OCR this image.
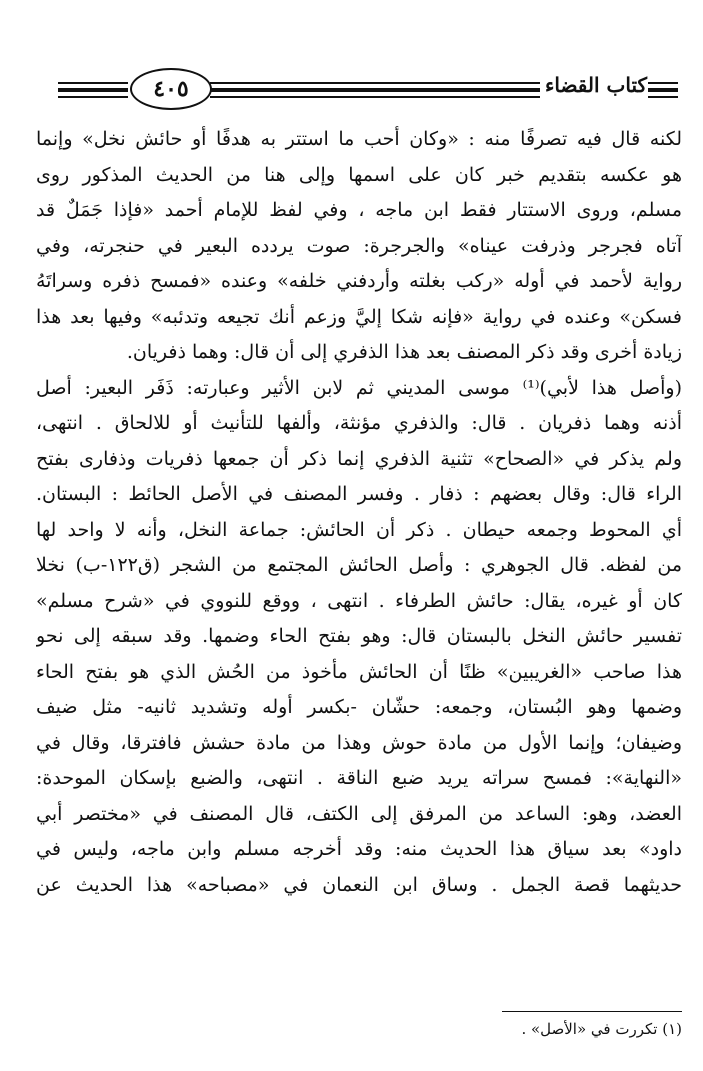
٤٠٥	كتاب القضاء
لكنه قال فيه تصرفًا منه : «وكان أحب ما استتر به هدفًا أو حائش نخل» وإنما
هو عكسه بتقديم خبر كان على اسمها وإلى هنا من الحديث المذكور روى
مسلم، وروى الاستتار فقط ابن ماجه ، وفي لفظ للإمام أحمد «فإذا جَمَلٌ قد
آتاه فجرجر وذرفت عيناه» والجرجرة: صوت يردده البعير في حنجرته، وفي
رواية لأحمد في أوله «ركب بغلته وأردفني خلفه» وعنده «فمسح ذفره وسراتَهُ
فسكن» وعنده في رواية «فإنه شكا إليَّ وزعم أنك تجيعه وتدئبه» وفيها بعد هذا
زيادة أخرى وقد ذكر المصنف بعد هذا الذفري إلى أن قال: وهما ذفريان.
(وأصل هذا لأبي)⁽¹⁾ موسى المديني ثم لابن الأثير وعبارته: ذَفَر البعير: أصل
أذنه وهما ذفريان . قال: والذفري مؤنثة، وألفها للتأنيث أو للالحاق . انتهى،
ولم يذكر في «الصحاح» تثنية الذفري إنما ذكر أن جمعها ذفريات وذفارى بفتح
الراء قال: وقال بعضهم : ذفار . وفسر المصنف في الأصل الحائط : البستان.
أي المحوط وجمعه حيطان . ذكر أن الحائش: جماعة النخل، وأنه لا واحد لها
من لفظه. قال الجوهري : وأصل الحائش المجتمع من الشجر (ق١٢٢-ب) نخلا
كان أو غيره، يقال: حائش الطرفاء . انتهى ، ووقع للنووي في «شرح مسلم»
تفسير حائش النخل بالبستان قال: وهو بفتح الحاء وضمها. وقد سبقه إلى نحو
هذا صاحب «الغريبين» ظنًا أن الحائش مأخوذ من الحُش الذي هو بفتح الحاء
وضمها وهو البُستان، وجمعه: حشّان -بكسر أوله وتشديد ثانيه- مثل ضيف
وضيفان؛ وإنما الأول من مادة حوش وهذا من مادة حشش فافترقا، وقال في
«النهاية»: فمسح سراته يريد ضبع الناقة . انتهى، والضبع بإسكان الموحدة:
العضد، وهو: الساعد من المرفق إلى الكتف، قال المصنف في «مختصر أبي
داود» بعد سياق هذا الحديث منه: وقد أخرجه مسلم وابن ماجه، وليس في
حديثهما قصة الجمل . وساق ابن النعمان في «مصباحه» هذا الحديث عن
(١) تكررت في «الأصل» .
